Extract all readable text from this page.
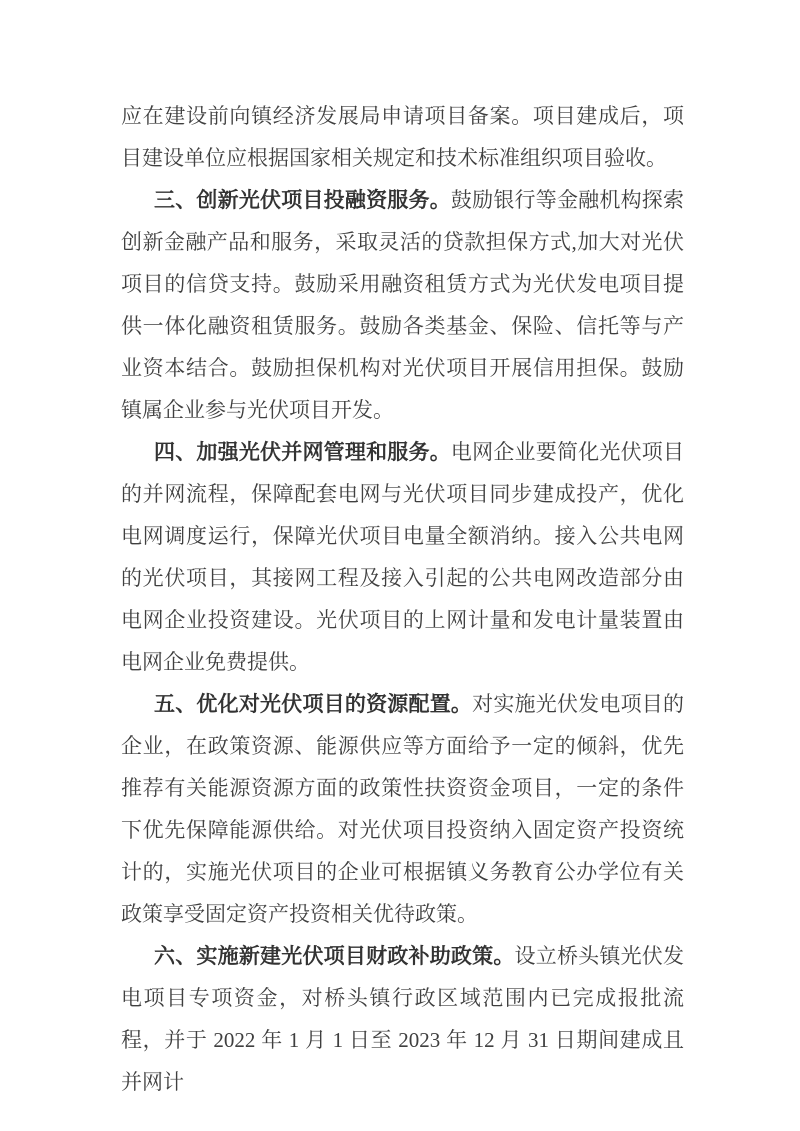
应在建设前向镇经济发展局申请项目备案。项目建成后，项目建设单位应根据国家相关规定和技术标准组织项目验收。

三、创新光伏项目投融资服务。鼓励银行等金融机构探索创新金融产品和服务，采取灵活的贷款担保方式,加大对光伏项目的信贷支持。鼓励采用融资租赁方式为光伏发电项目提供一体化融资租赁服务。鼓励各类基金、保险、信托等与产业资本结合。鼓励担保机构对光伏项目开展信用担保。鼓励镇属企业参与光伏项目开发。

四、加强光伏并网管理和服务。电网企业要简化光伏项目的并网流程，保障配套电网与光伏项目同步建成投产，优化电网调度运行，保障光伏项目电量全额消纳。接入公共电网的光伏项目，其接网工程及接入引起的公共电网改造部分由电网企业投资建设。光伏项目的上网计量和发电计量装置由电网企业免费提供。

五、优化对光伏项目的资源配置。对实施光伏发电项目的企业，在政策资源、能源供应等方面给予一定的倾斜，优先推荐有关能源资源方面的政策性扶资资金项目，一定的条件下优先保障能源供给。对光伏项目投资纳入固定资产投资统计的，实施光伏项目的企业可根据镇义务教育公办学位有关政策享受固定资产投资相关优待政策。

六、实施新建光伏项目财政补助政策。设立桥头镇光伏发电项目专项资金，对桥头镇行政区域范围内已完成报批流程，并于 2022 年 1 月 1 日至 2023 年 12 月 31 日期间建成且并网计
